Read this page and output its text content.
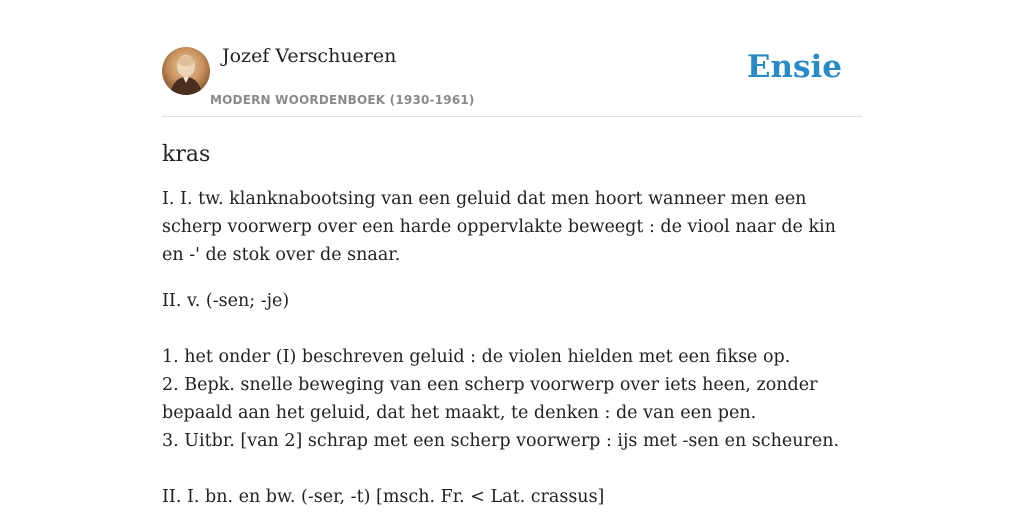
Jozef Verschueren
MODERN WOORDENBOEK (1930-1961)
Ensie
kras

I. I. tw. klanknabootsing van een geluid dat men hoort wanneer men een scherp voorwerp over een harde oppervlakte beweegt : de viool naar de kin en -' de stok over de snaar.

II. v. (-sen; -je)

1. het onder (I) beschreven geluid : de violen hielden met een fikse op.

2. Bepk. snelle beweging van een scherp voorwerp over iets heen, zonder bepaald aan het geluid, dat het maakt, te denken : de van een pen.

3. Uitbr. [van 2] schrap met een scherp voorwerp : ijs met -sen en scheuren.

II. I. bn. en bw. (-ser, -t) [msch. Fr. < Lat. crassus]
